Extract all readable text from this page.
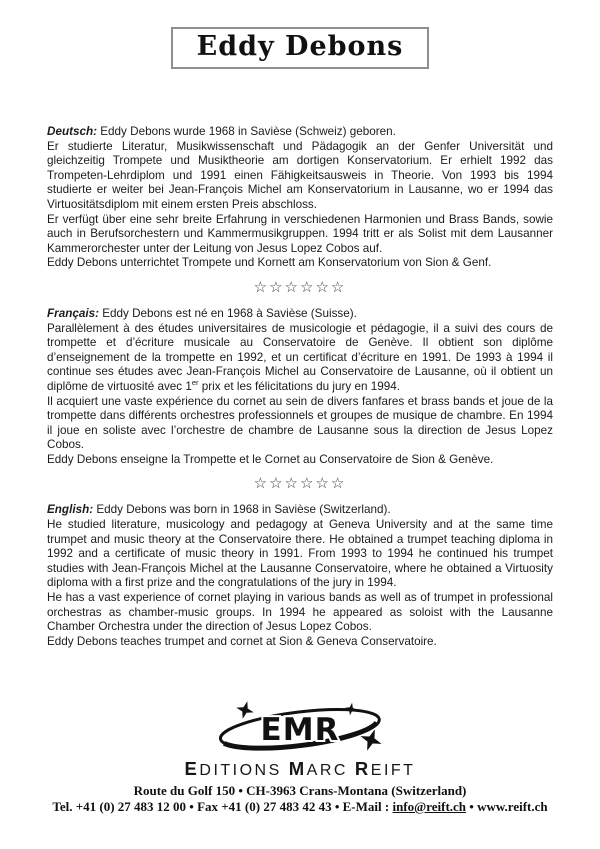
Eddy Debons

Deutsch: Eddy Debons wurde 1968 in Savièse (Schweiz) geboren.

Er studierte Literatur, Musikwissenschaft und Pädagogik an der Genfer Universität und gleichzeitig Trompete und Musiktheorie am dortigen Konservatorium. Er erhielt 1992 das Trompeten-Lehrdiplom und 1991 einen Fähigkeitsausweis in Theorie. Von 1993 bis 1994 studierte er weiter bei Jean-François Michel am Konservatorium in Lausanne, wo er 1994 das Virtuositätsdiplom mit einem ersten Preis abschloss.

Er verfügt über eine sehr breite Erfahrung in verschiedenen Harmonien und Brass Bands, sowie auch in Berufsorchestern und Kammermusikgruppen. 1994 tritt er als Solist mit dem Lausanner Kammerorchester unter der Leitung von Jesus Lopez Cobos auf.

Eddy Debons unterrichtet Trompete und Kornett am Konservatorium von Sion & Genf.

☆☆☆☆☆☆

Français: Eddy Debons est né en 1968 à Savièse (Suisse).

Parallèlement à des études universitaires de musicologie et pédagogie, il a suivi des cours de trompette et d’écriture musicale au Conservatoire de Genève. Il obtient son diplôme d’enseignement de la trompette en 1992, et un certificat d’écriture en 1991. De 1993 à 1994 il continue ses études avec Jean-François Michel au Conservatoire de Lausanne, où il obtient un diplôme de virtuosité avec 1er prix et les félicitations du jury en 1994.

Il acquiert une vaste expérience du cornet au sein de divers fanfares et brass bands et joue de la trompette dans différents orchestres professionnels et groupes de musique de chambre. En 1994 il joue en soliste avec l’orchestre de chambre de Lausanne sous la direction de Jesus Lopez Cobos.

Eddy Debons enseigne la Trompette et le Cornet au Conservatoire de Sion & Genève.

☆☆☆☆☆☆

English: Eddy Debons was born in 1968 in Savièse (Switzerland).

He studied literature, musicology and pedagogy at Geneva University and at the same time trumpet and music theory at the Conservatoire there. He obtained a trumpet teaching diploma in 1992 and a certificate of music theory in 1991. From 1993 to 1994 he continued his trumpet studies with Jean-François Michel at the Lausanne Conservatoire, where he obtained a Virtuosity diploma with a first prize and the congratulations of the jury in 1994.

He has a vast experience of cornet playing in various bands as well as of trumpet in professional orchestras as chamber-music groups. In 1994 he appeared as soloist with the Lausanne Chamber Orchestra under the direction of Jesus Lopez Cobos.

Eddy Debons teaches trumpet and cornet at Sion & Geneva Conservatoire.

EMR
EDITIONS MARC REIFT
Route du Golf 150 • CH-3963 Crans-Montana (Switzerland)
Tel. +41 (0) 27 483 12 00 • Fax +41 (0) 27 483 42 43 • E-Mail : info@reift.ch • www.reift.ch
